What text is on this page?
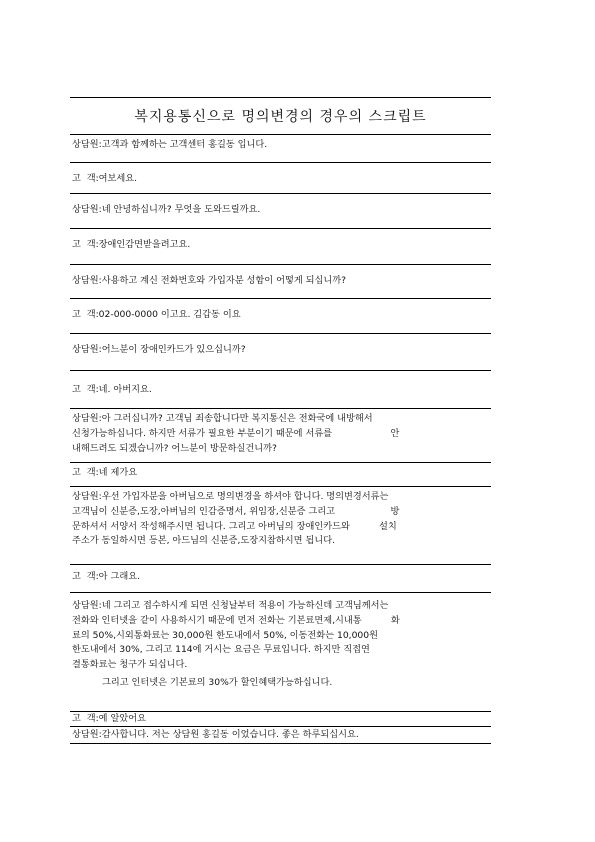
복지용통신으로 명의변경의 경우의 스크립트
상담원:고객과 함께하는 고객센터 홍길동 입니다.
고  객:여보세요.
상담원:네 안녕하십니까? 무엇을 도와드릴까요.
고  객:장애인감면받을려고요.
상담원:사용하고 계신 전화번호와 가입자분 성함이 어떻게 되십니까?
고  객:02-000-0000 이고요. 김갑동 이요
상담원:어느분이 장애인카드가 있으십니까?
고  객:네. 아버지요.
상담원:아 그러십니까? 고객님 죄송합니다만 복지통신은 전화국에 내방해서
신청가능하십니다. 하지만 서류가 필요한 부분이기 때문에 서류를                    안
내해드려도 되겠습니까? 어느분이 방문하실건니까?
고  객:네 제가요
상담원:우선 가입자분을 아버님으로 명의변경을 하셔야 합니다. 명의변경서류는
고객님이 신분증,도장,아버님의 인감증명서, 위임장,신분증 그리고                   방
문하셔서 서양서 작성해주시면 됩니다. 그리고 아버님의 장애인카드와          설치
주소가 동일하시면 등본, 아드님의 신분증,도장지참하시면 됩니다.
고  객:아 그래요.
상담원:네 그리고 접수하시게 되면 신청날부터 적용이 가능하신데 고객님께서는
전화와 인터넷을 같이 사용하시기 때문에 먼저 전화는 기본료면제,시내통          화
료의 50%,시외통화료는 30,000원 한도내에서 50%, 이동전화는 10,000원
한도내에서 30%, 그리고 114에 거시는 요금은 무료입니다. 하지만 직접연
결통화료는 청구가 되십니다.
그리고 인터넷은 기본료의 30%가 할인혜택가능하십니다.
고  객:예 알았어요
상담원:감사합니다. 저는 상담원 홍길동 이었습니다. 좋은 하루되십시요.
